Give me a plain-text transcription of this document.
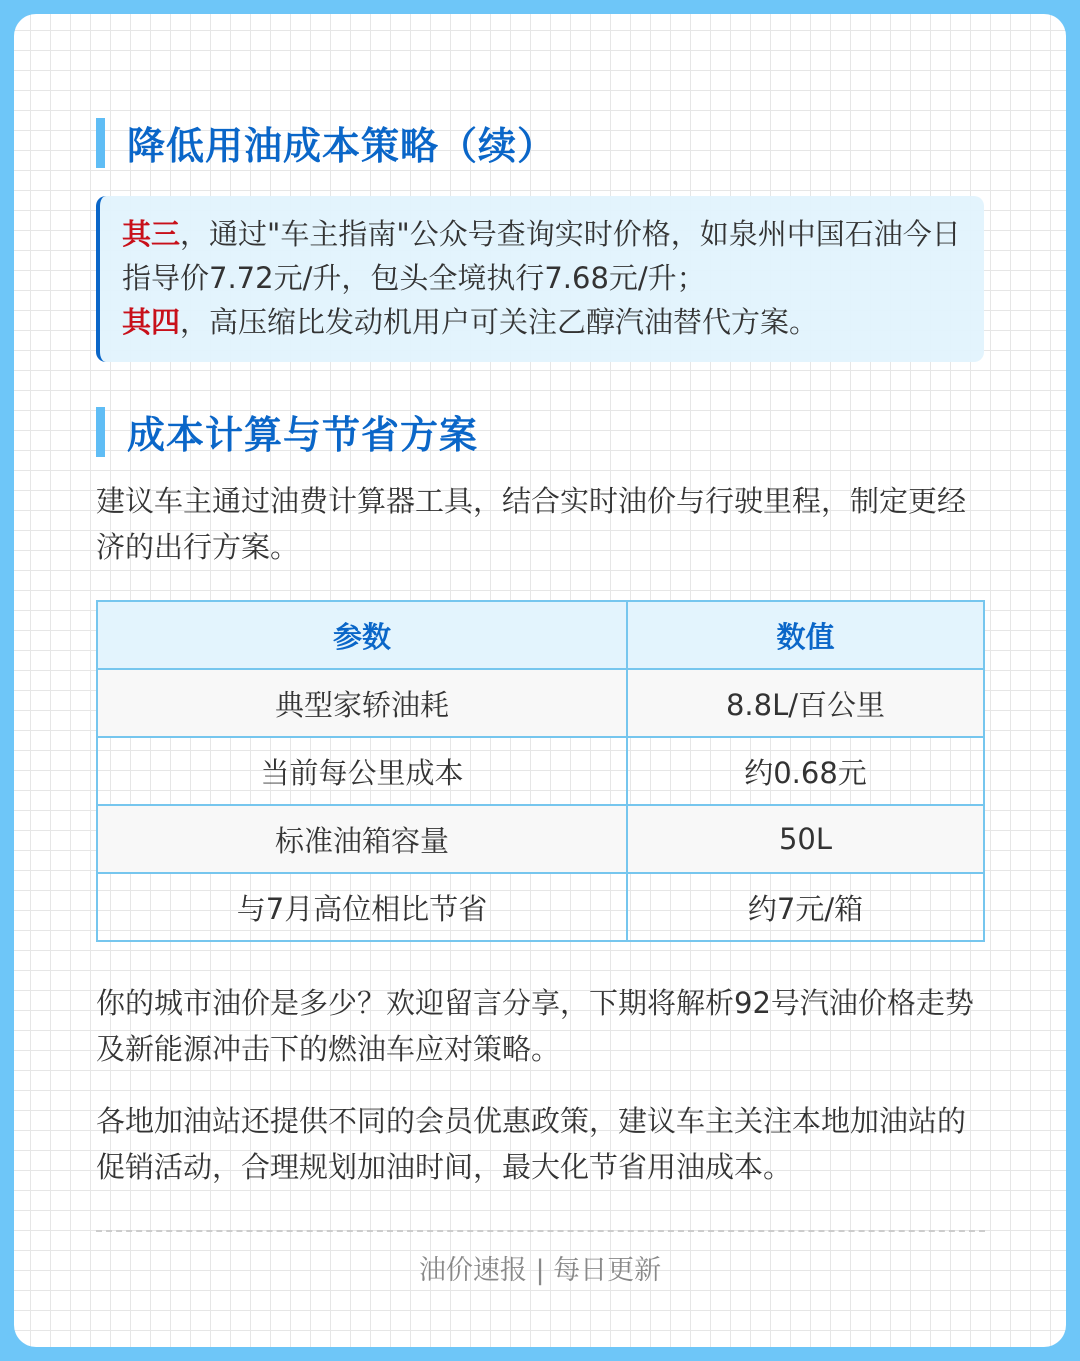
降低用油成本策略（续）
其三，通过"车主指南"公众号查询实时价格，如泉州中国石油今日指导价7.72元/升，包头全境执行7.68元/升；
其四，高压缩比发动机用户可关注乙醇汽油替代方案。
成本计算与节省方案
建议车主通过油费计算器工具，结合实时油价与行驶里程，制定更经济的出行方案。
参数	数值
典型家轿油耗	8.8L/百公里
当前每公里成本	约0.68元
标准油箱容量	50L
与7月高位相比节省	约7元/箱
你的城市油价是多少？欢迎留言分享，下期将解析92号汽油价格走势及新能源冲击下的燃油车应对策略。
各地加油站还提供不同的会员优惠政策，建议车主关注本地加油站的促销活动，合理规划加油时间，最大化节省用油成本。
油价速报 | 每日更新
